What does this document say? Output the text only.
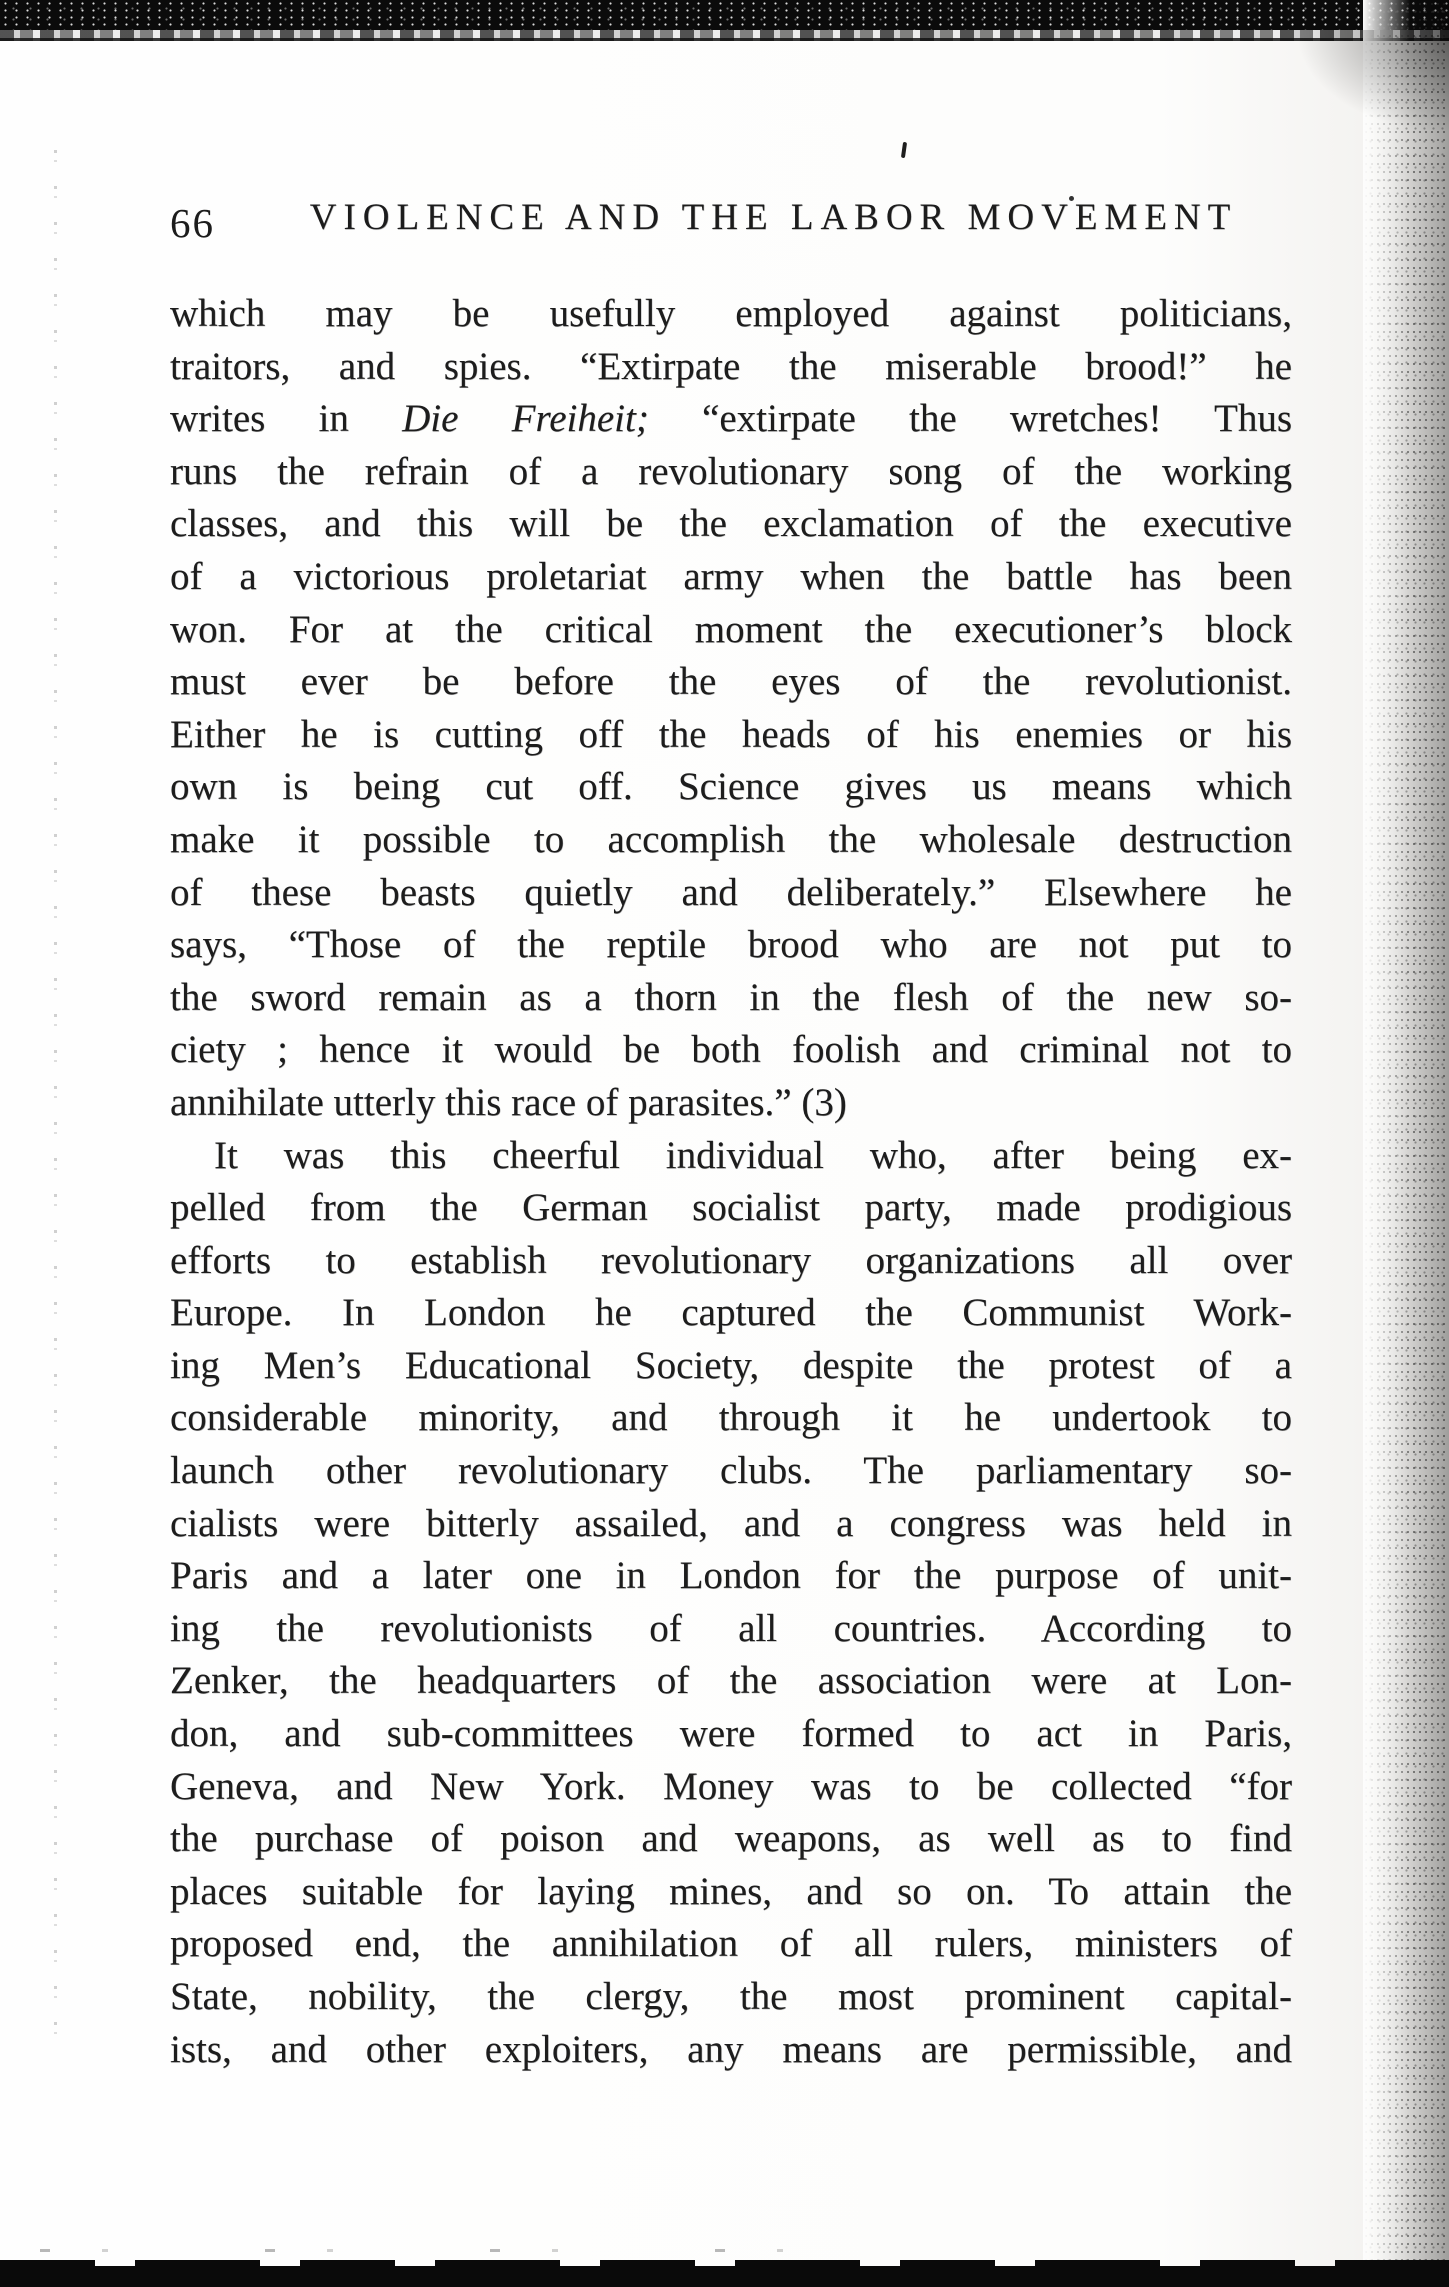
66	VIOLENCE AND THE LABOR MOVEMENT
which may be usefully employed against politicians,
traitors, and spies. “Extirpate the miserable brood!” he
writes in Die Freiheit; “extirpate the wretches! Thus
runs the refrain of a revolutionary song of the working
classes, and this will be the exclamation of the executive
of a victorious proletariat army when the battle has been
won. For at the critical moment the executioner’s block
must ever be before the eyes of the revolutionist.
Either he is cutting off the heads of his enemies or his
own is being cut off. Science gives us means which
make it possible to accomplish the wholesale destruction
of these beasts quietly and deliberately.” Elsewhere he
says, “Those of the reptile brood who are not put to
the sword remain as a thorn in the flesh of the new so-
ciety ; hence it would be both foolish and criminal not to
annihilate utterly this race of parasites.” (3)
It was this cheerful individual who, after being ex-
pelled from the German socialist party, made prodigious
efforts to establish revolutionary organizations all over
Europe. In London he captured the Communist Work-
ing Men’s Educational Society, despite the protest of a
considerable minority, and through it he undertook to
launch other revolutionary clubs. The parliamentary so-
cialists were bitterly assailed, and a congress was held in
Paris and a later one in London for the purpose of unit-
ing the revolutionists of all countries. According to
Zenker, the headquarters of the association were at Lon-
don, and sub-committees were formed to act in Paris,
Geneva, and New York. Money was to be collected “for
the purchase of poison and weapons, as well as to find
places suitable for laying mines, and so on. To attain the
proposed end, the annihilation of all rulers, ministers of
State, nobility, the clergy, the most prominent capital-
ists, and other exploiters, any means are permissible, and
